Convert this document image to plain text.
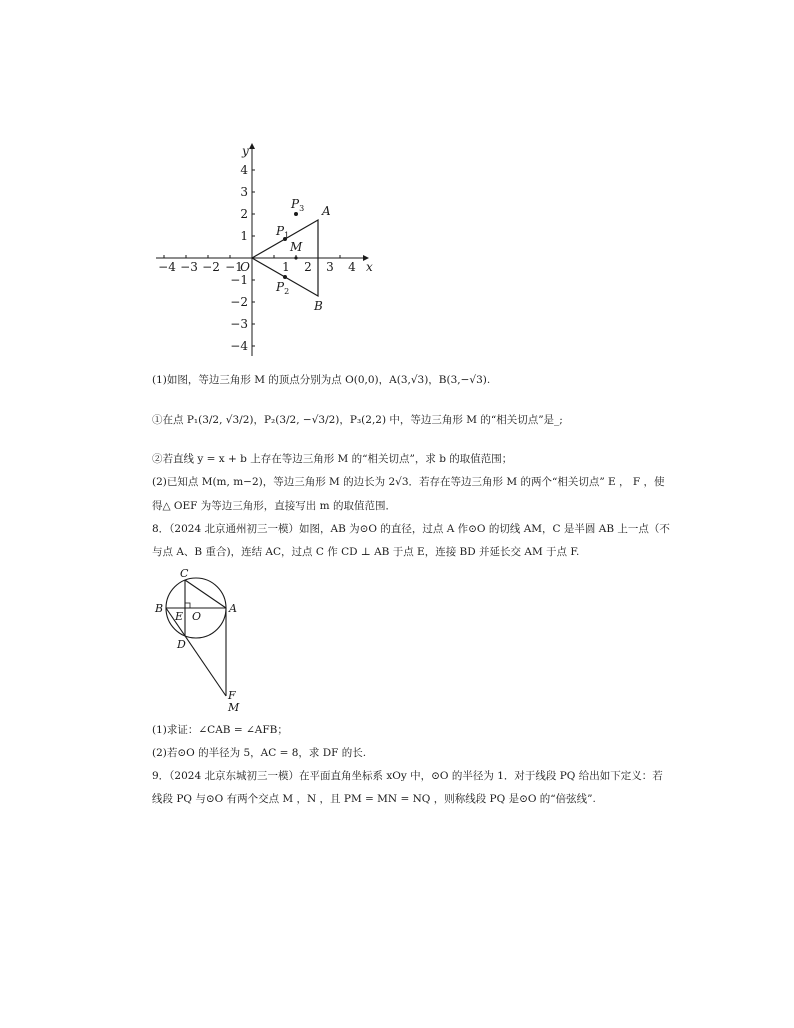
−4 −3 −2 −1
O	1 2 3 4 x
y
4
3
2
1
−1
−2
−3
−4
A
B
M
$P_1$
$P_2$
$P_3$
(1)如图，等边三角形 M 的顶点分别为点 O(0,0)，A(3,√3)，B(3,−√3).
①在点 P₁(3/2, √3/2)，P₂(3/2, −√3/2)，P₃(2,2) 中，等边三角形 M 的“相关切点”是_;
②若直线 y = x + b 上存在等边三角形 M 的“相关切点”，求 b 的取值范围；
(2)已知点 M(m, m−2)，等边三角形 M 的边长为 2√3．若存在等边三角形 M 的两个“相关切点” E ， F ，使
得△ OEF 为等边三角形，直接写出 m 的取值范围．
8．（2024 北京通州初三一模）如图，AB 为⊙O 的直径，过点 A 作⊙O 的切线 AM，C 是半圆 AB 上一点（不
与点 A、B 重合)，连结 AC，过点 C 作 CD ⊥ AB 于点 E，连接 BD 并延长交 AM 于点 F.
C
B
E O
A
D
F
M
(1)求证：∠CAB = ∠AFB；
(2)若⊙O 的半径为 5，AC = 8，求 DF 的长.
9．（2024 北京东城初三一模）在平面直角坐标系 xOy 中，⊙O 的半径为 1．对于线段 PQ 给出如下定义：若
线段 PQ 与⊙O 有两个交点 M ，N ，且 PM = MN = NQ ，则称线段 PQ 是⊙O 的“倍弦线”.
